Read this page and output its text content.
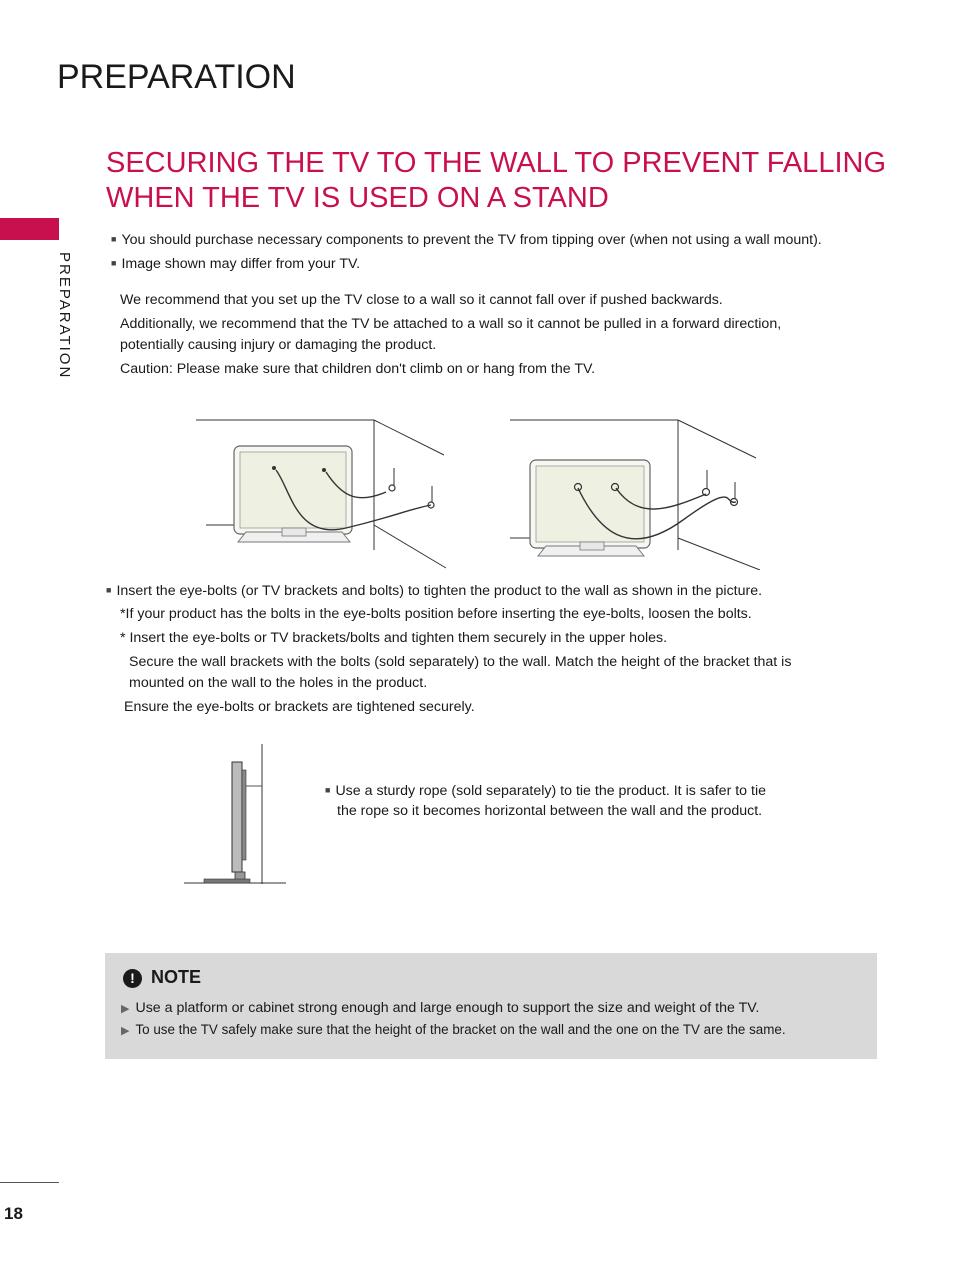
PREPARATION
PREPARATION
SECURING THE TV TO THE WALL TO PREVENT FALLING
WHEN THE TV IS USED ON A STAND
■ You should purchase necessary components to prevent the TV from tipping over (when not using a wall mount).
■ Image shown may differ from your TV.
We recommend that you set up the TV close to a wall so it cannot fall over if pushed backwards.
Additionally, we recommend that the TV be attached to a wall so it cannot be pulled in a forward direction,
potentially causing injury or damaging the product.
Caution: Please make sure that children don't climb on or hang from the TV.
■ Insert the eye-bolts (or TV brackets and bolts) to tighten the product to the wall as shown in the picture.
*If your product has the bolts in the eye-bolts position before inserting the eye-bolts, loosen the bolts.
* Insert the eye-bolts or TV brackets/bolts and tighten them securely in the upper holes.
Secure the wall brackets with the bolts (sold separately) to the wall. Match the height of the bracket that is
mounted on the wall to the holes in the product.
Ensure the eye-bolts or brackets are tightened securely.
■ Use a sturdy rope (sold separately) to tie the product. It is safer to tie
the rope so it becomes horizontal between the wall and the product.
! NOTE
▶ Use a platform or cabinet strong enough and large enough to support the size and weight of the TV.
▶ To use the TV safely make sure that the height of the bracket on the wall and the one on the TV are the same.
18
